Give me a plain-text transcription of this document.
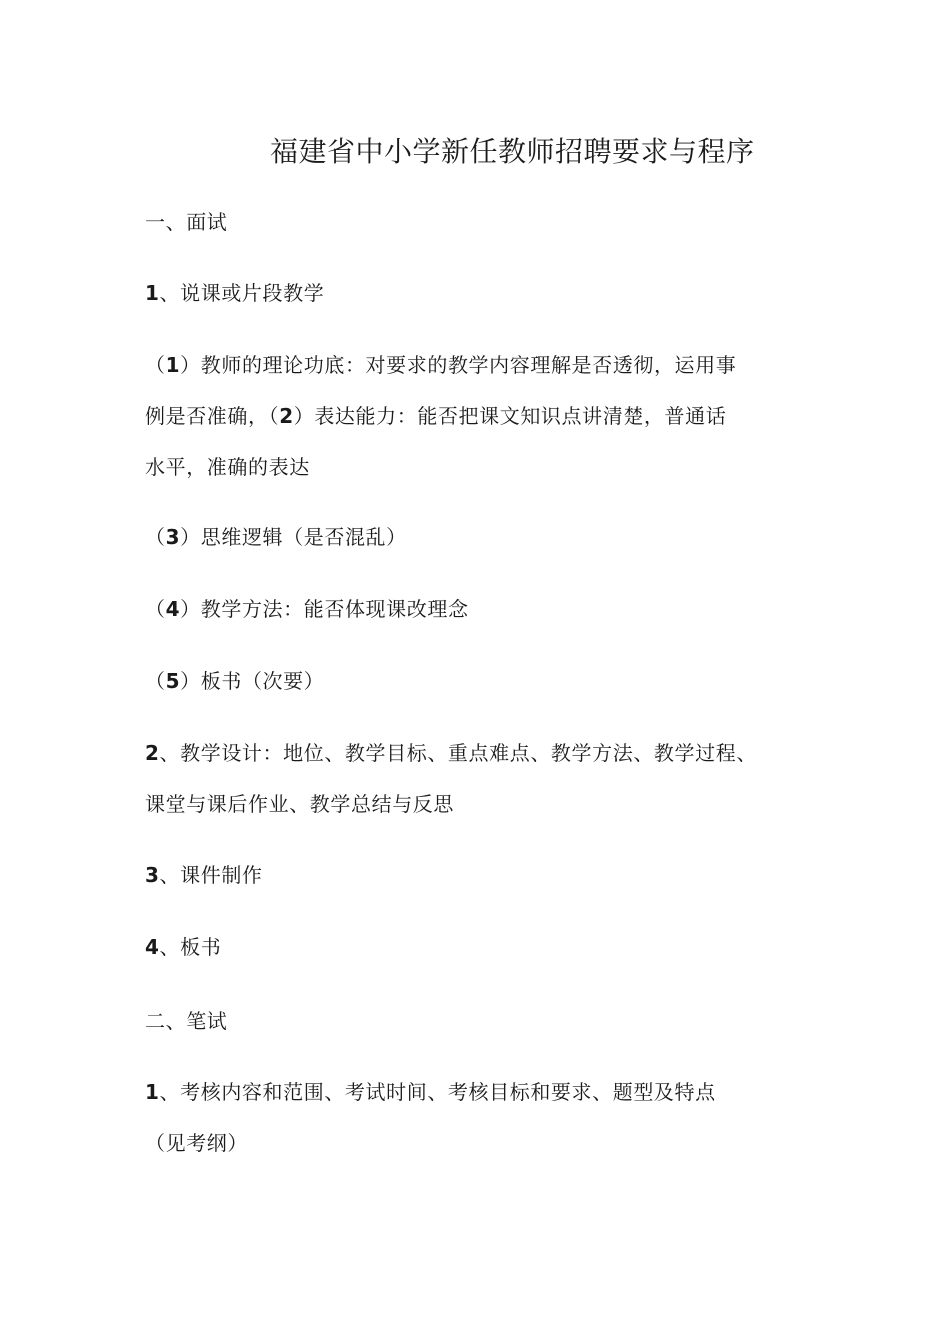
福建省中小学新任教师招聘要求与程序
一、面试
1、说课或片段教学
（1）教师的理论功底：对要求的教学内容理解是否透彻，运用事
例是否准确，（2）表达能力：能否把课文知识点讲清楚，普通话
水平，准确的表达
（3）思维逻辑（是否混乱）
（4）教学方法：能否体现课改理念
（5）板书（次要）
2、教学设计：地位、教学目标、重点难点、教学方法、教学过程、
课堂与课后作业、教学总结与反思
3、课件制作
4、板书
二、笔试
1、考核内容和范围、考试时间、考核目标和要求、题型及特点
（见考纲）
